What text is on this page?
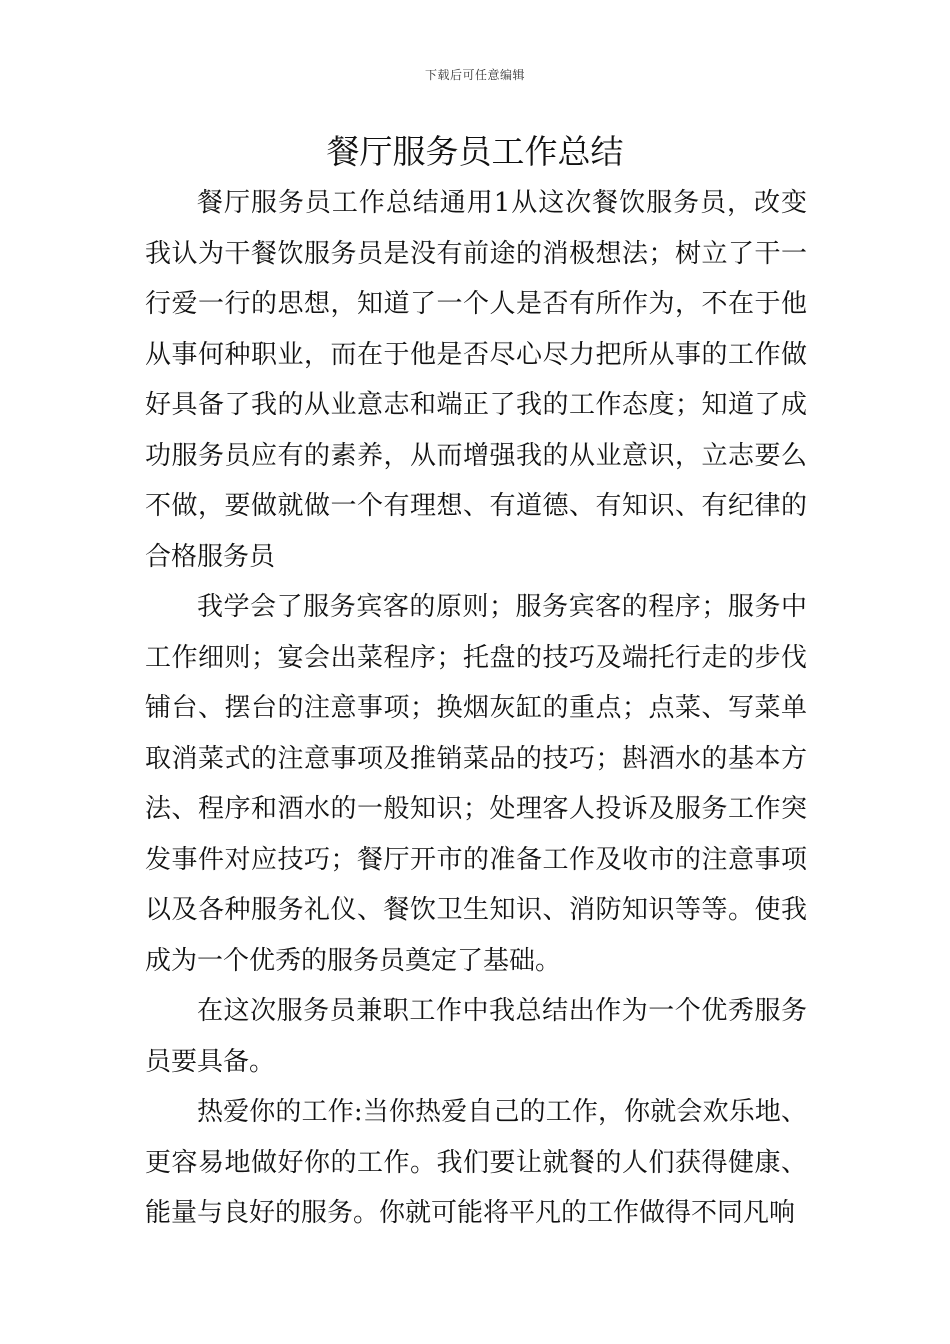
下载后可任意编辑
餐厅服务员工作总结

餐厅服务员工作总结通用1从这次餐饮服务员，改变我认为干餐饮服务员是没有前途的消极想法；树立了干一行爱一行的思想，知道了一个人是否有所作为，不在于他从事何种职业，而在于他是否尽心尽力把所从事的工作做好具备了我的从业意志和端正了我的工作态度；知道了成功服务员应有的素养，从而增强我的从业意识，立志要么不做，要做就做一个有理想、有道德、有知识、有纪律的合格服务员

我学会了服务宾客的原则；服务宾客的程序；服务中工作细则；宴会出菜程序；托盘的技巧及端托行走的步伐铺台、摆台的注意事项；换烟灰缸的重点；点菜、写菜单取消菜式的注意事项及推销菜品的技巧；斟酒水的基本方法、程序和酒水的一般知识；处理客人投诉及服务工作突发事件对应技巧；餐厅开市的准备工作及收市的注意事项以及各种服务礼仪、餐饮卫生知识、消防知识等等。使我成为一个优秀的服务员奠定了基础。

在这次服务员兼职工作中我总结出作为一个优秀服务员要具备。

热爱你的工作:当你热爱自己的工作，你就会欢乐地、更容易地做好你的工作。我们要让就餐的人们获得健康、能量与良好的服务。你就可能将平凡的工作做得不同凡响
